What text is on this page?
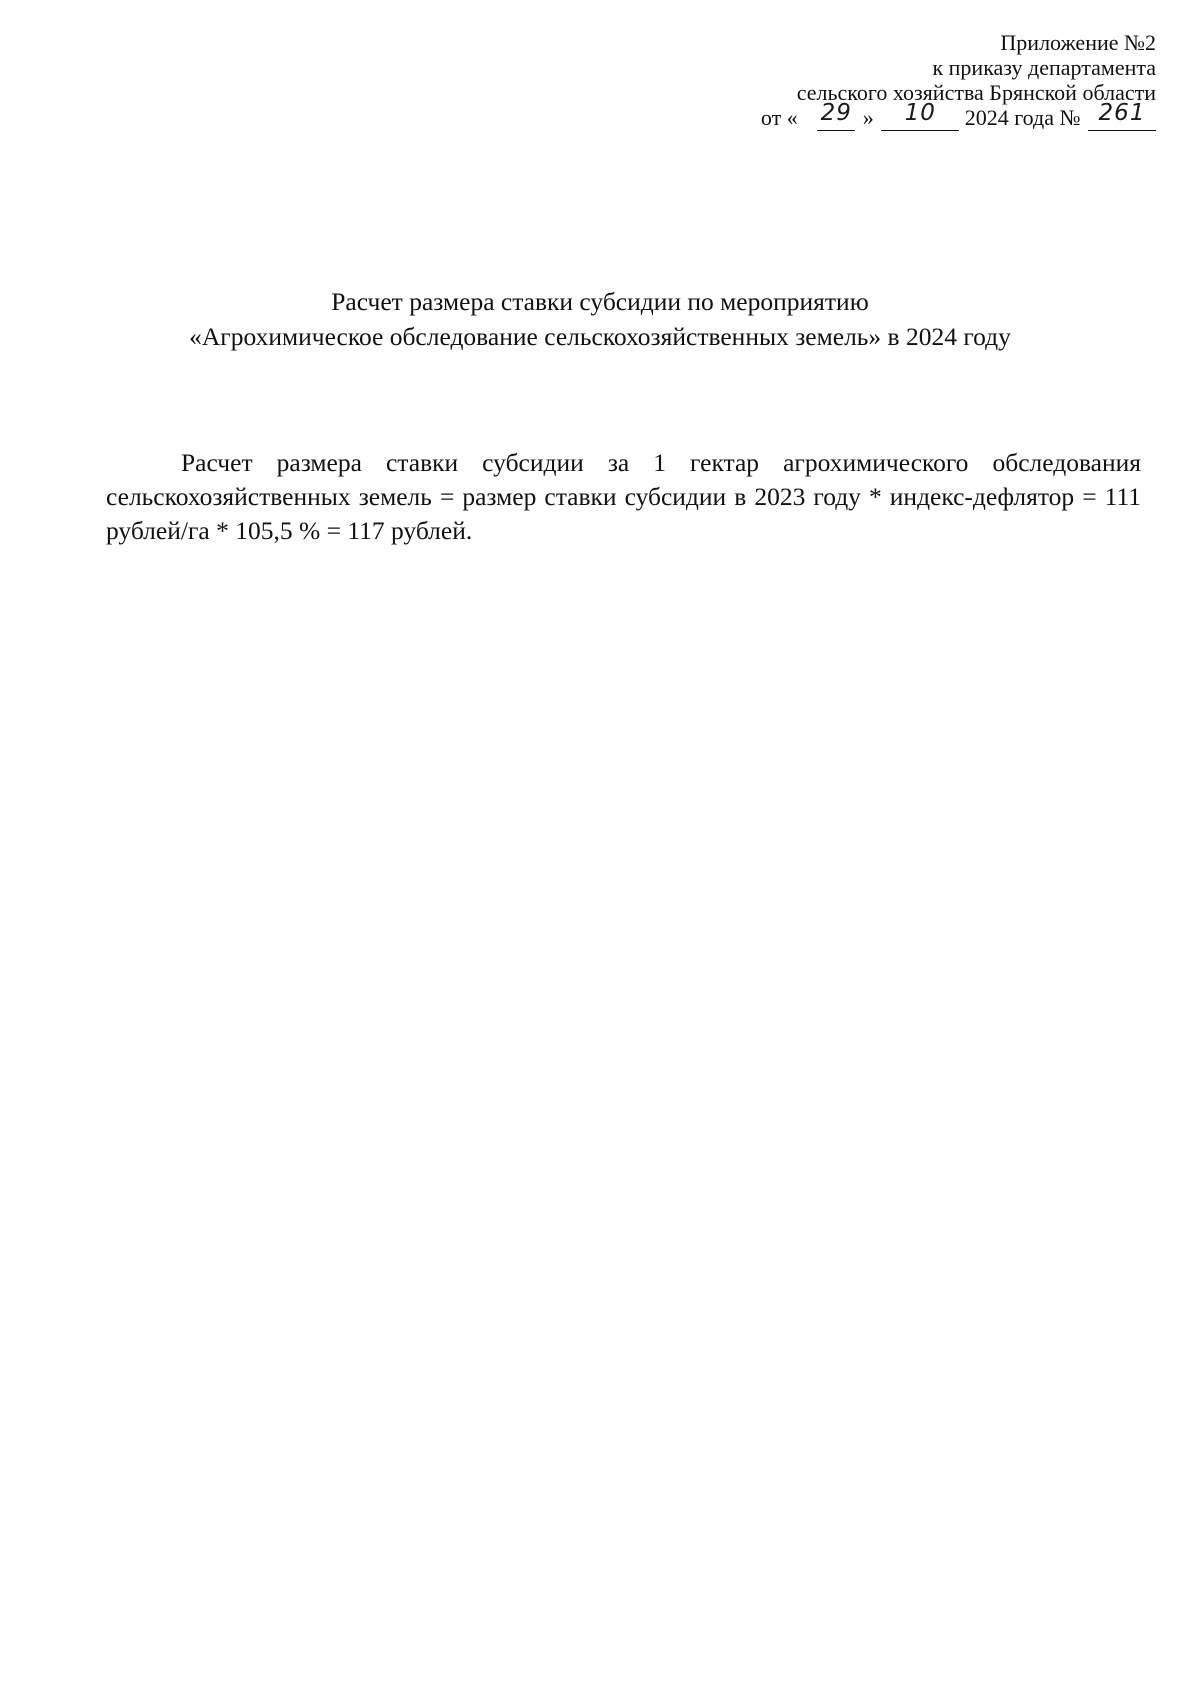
Приложение №2
к приказу департамента
сельского хозяйства Брянской области
от « 29 » 10 2024 года № 261
Расчет размера ставки субсидии по мероприятию
«Агрохимическое обследование сельскохозяйственных земель» в 2024 году

Расчет размера ставки субсидии за 1 гектар агрохимического обследования сельскохозяйственных земель = размер ставки субсидии в 2023 году * индекс-дефлятор = 111 рублей/га * 105,5 % = 117 рублей.
